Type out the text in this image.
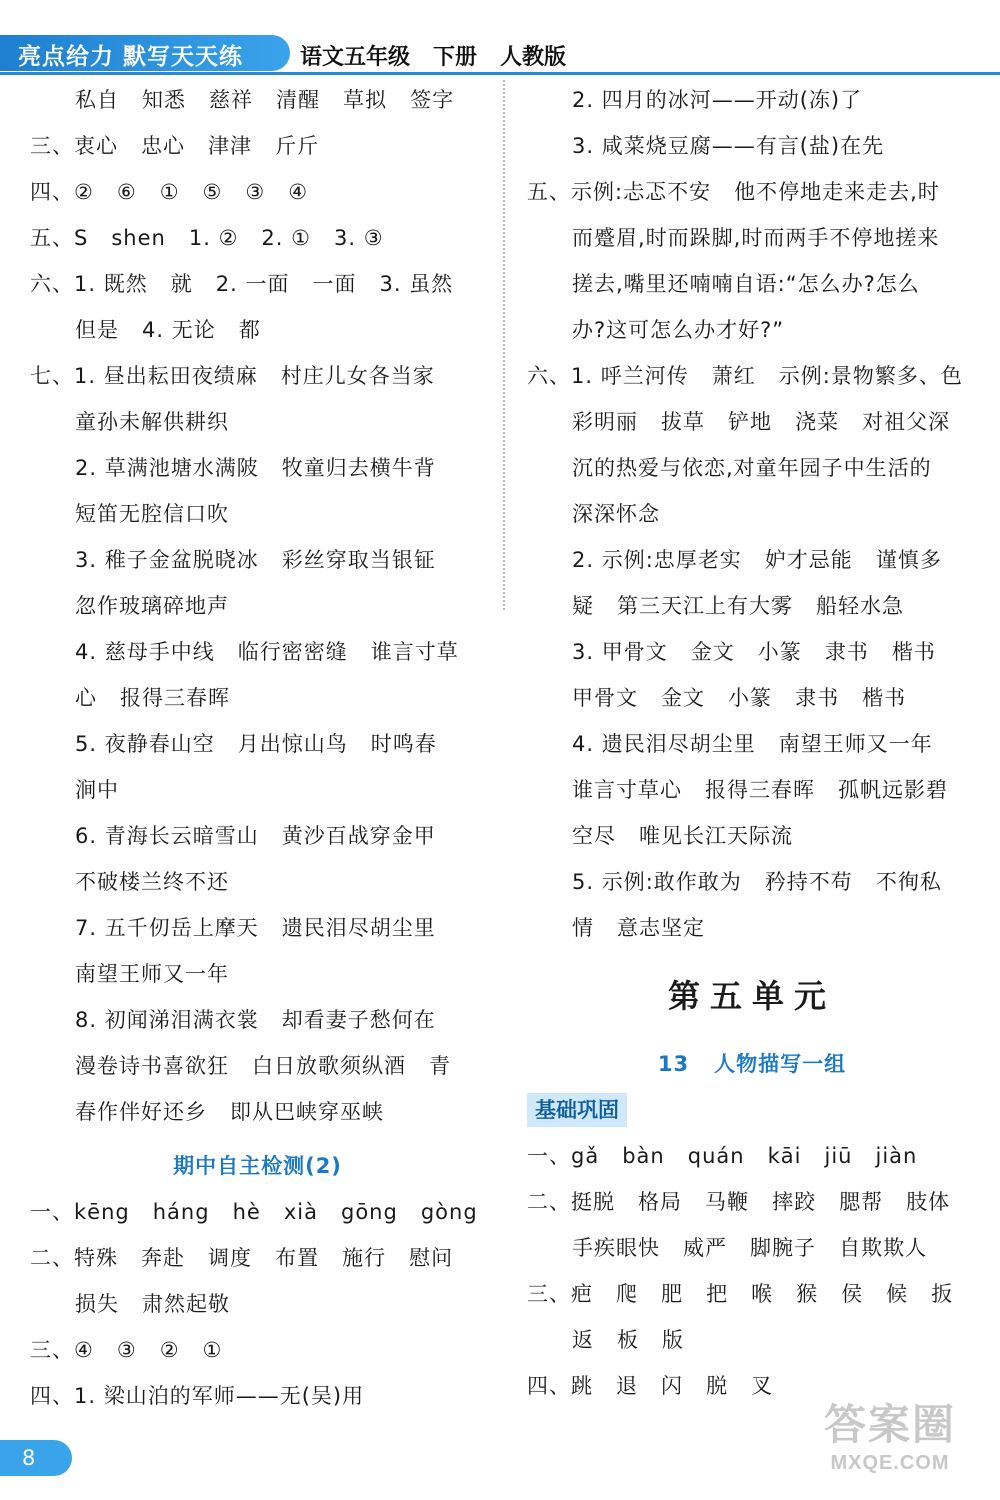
亮点给力 默写天天练	语文五年级   下册   人教版
私自   知悉   慈祥   清醒   草拟   签字
三、衷心   忠心   津津   斤斤
四、②   ⑥   ①   ⑤   ③   ④
五、S   shen   1. ②   2. ①   3. ③
六、1. 既然   就   2. 一面   一面   3. 虽然
但是   4. 无论   都
七、1. 昼出耘田夜绩麻   村庄儿女各当家
童孙未解供耕织
2. 草满池塘水满陂   牧童归去横牛背
短笛无腔信口吹
3. 稚子金盆脱晓冰   彩丝穿取当银钲
忽作玻璃碎地声
4. 慈母手中线   临行密密缝   谁言寸草
心   报得三春晖
5. 夜静春山空   月出惊山鸟   时鸣春
涧中
6. 青海长云暗雪山   黄沙百战穿金甲
不破楼兰终不还
7. 五千仞岳上摩天   遗民泪尽胡尘里
南望王师又一年
8. 初闻涕泪满衣裳   却看妻子愁何在
漫卷诗书喜欲狂   白日放歌须纵酒   青
春作伴好还乡   即从巴峡穿巫峡
期中自主检测(2)
一、kēng   háng   hè   xià   gōng   gòng
二、特殊   奔赴   调度   布置   施行   慰问
损失   肃然起敬
三、④   ③   ②   ①
四、1. 梁山泊的军师——无(吴)用
2. 四月的冰河——开动(冻)了
3. 咸菜烧豆腐——有言(盐)在先
五、示例:忐忑不安   他不停地走来走去,时
而蹙眉,时而跺脚,时而两手不停地搓来
搓去,嘴里还喃喃自语:“怎么办?怎么
办?这可怎么办才好?”
六、1. 呼兰河传   萧红   示例:景物繁多、色
彩明丽   拔草   铲地   浇菜   对祖父深
沉的热爱与依恋,对童年园子中生活的
深深怀念
2. 示例:忠厚老实   妒才忌能   谨慎多
疑   第三天江上有大雾   船轻水急
3. 甲骨文   金文   小篆   隶书   楷书
甲骨文   金文   小篆   隶书   楷书
4. 遗民泪尽胡尘里   南望王师又一年
谁言寸草心   报得三春晖   孤帆远影碧
空尽   唯见长江天际流
5. 示例:敢作敢为   矜持不苟   不徇私
情   意志坚定
第五单元
13   人物描写一组
基础巩固
一、gǎ   bàn   quán   kāi   jiū   jiàn
二、挺脱   格局   马鞭   摔跤   腮帮   肢体
手疾眼快   威严   脚腕子   自欺欺人
三、疤   爬   肥   把   喉   猴   侯   候   扳
返   板   版
四、跳   退   闪   脱   叉
8
答案圈
MXQE.COM
